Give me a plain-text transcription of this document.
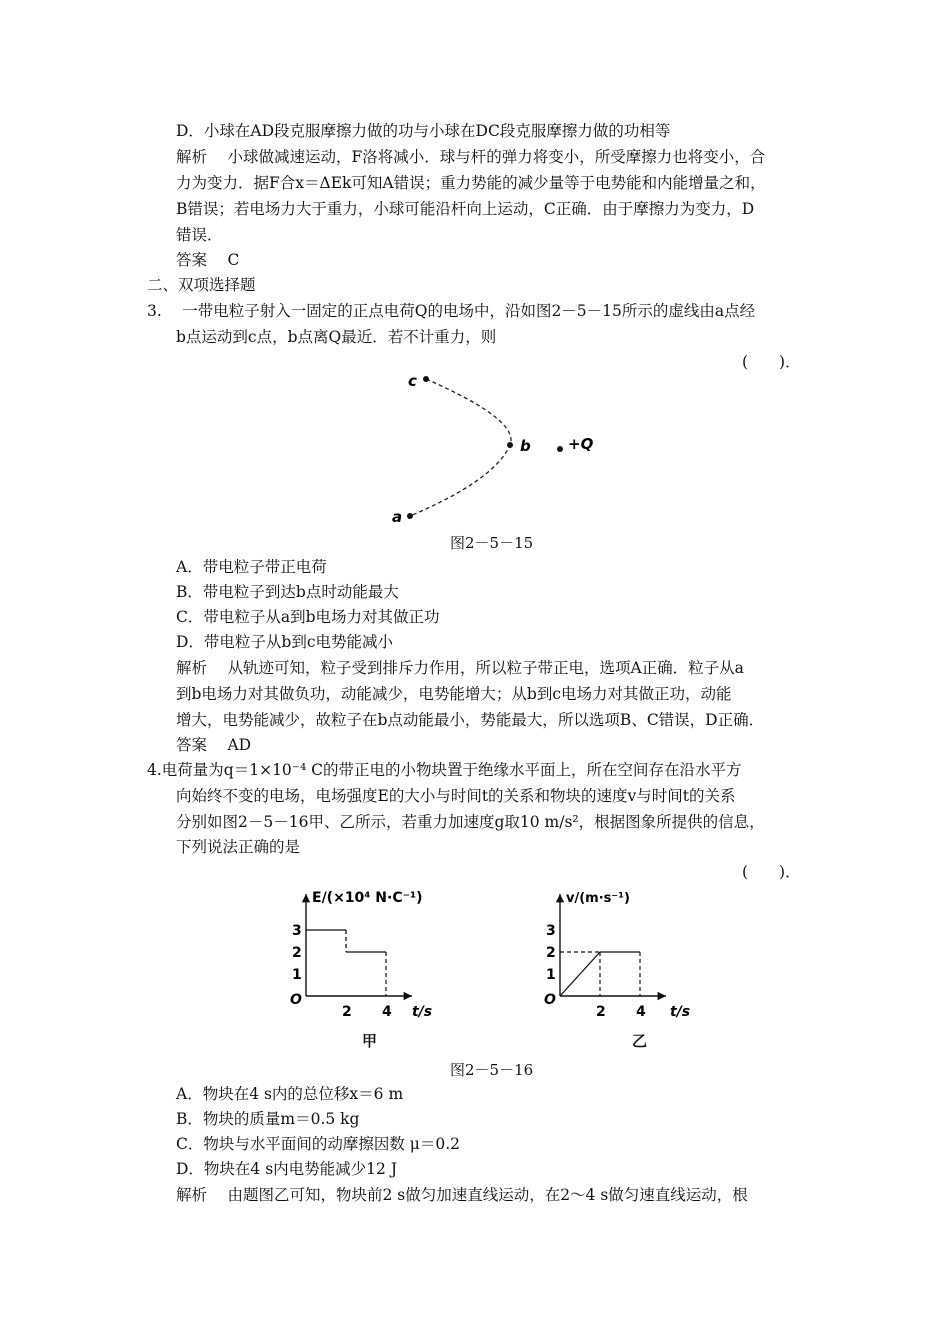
D．小球在AD段克服摩擦力做的功与小球在DC段克服摩擦力做的功相等
解析　 小球做减速运动，F洛将减小．球与杆的弹力将变小，所受摩擦力也将变小，合
力为变力．据F合x＝ΔEk可知A错误；重力势能的减少量等于电势能和内能增量之和，
B错误；若电场力大于重力，小球可能沿杆向上运动，C正确．由于摩擦力为变力，D
错误．
答案　 C
二、双项选择题
3.　 一带电粒子射入一固定的正点电荷Q的电场中，沿如图2－5－15所示的虚线由a点经
b点运动到c点，b点离Q最近．若不计重力，则
(　　)．
c
b
a
+Q
图2－5－15
A．带电粒子带正电荷
B．带电粒子到达b点时动能最大
C．带电粒子从a到b电场力对其做正功
D．带电粒子从b到c电势能减小
解析　 从轨迹可知，粒子受到排斥力作用，所以粒子带正电，选项A正确．粒子从a
到b电场力对其做负功，动能减少，电势能增大；从b到c电场力对其做正功，动能
增大，电势能减少，故粒子在b点动能最小，势能最大，所以选项B、C错误，D正确．
答案　 AD
4.电荷量为q＝1×10⁻⁴ C的带正电的小物块置于绝缘水平面上，所在空间存在沿水平方
向始终不变的电场，电场强度E的大小与时间t的关系和物块的速度v与时间t的关系
分别如图2－5－16甲、乙所示，若重力加速度g取10 m/s²，根据图象所提供的信息，
下列说法正确的是
(　　)．
E/(×10⁴ N·C⁻¹)
t/s
O
1
2
3
2 4
甲
v/(m·s⁻¹)
t/s
O
1
2
3
2 4
乙
图2－5－16
A．物块在4 s内的总位移x＝6 m
B．物块的质量m＝0.5 kg
C．物块与水平面间的动摩擦因数 μ＝0.2
D．物块在4 s内电势能减少12 J
解析　 由题图乙可知，物块前2 s做匀加速直线运动，在2～4 s做匀速直线运动，根
